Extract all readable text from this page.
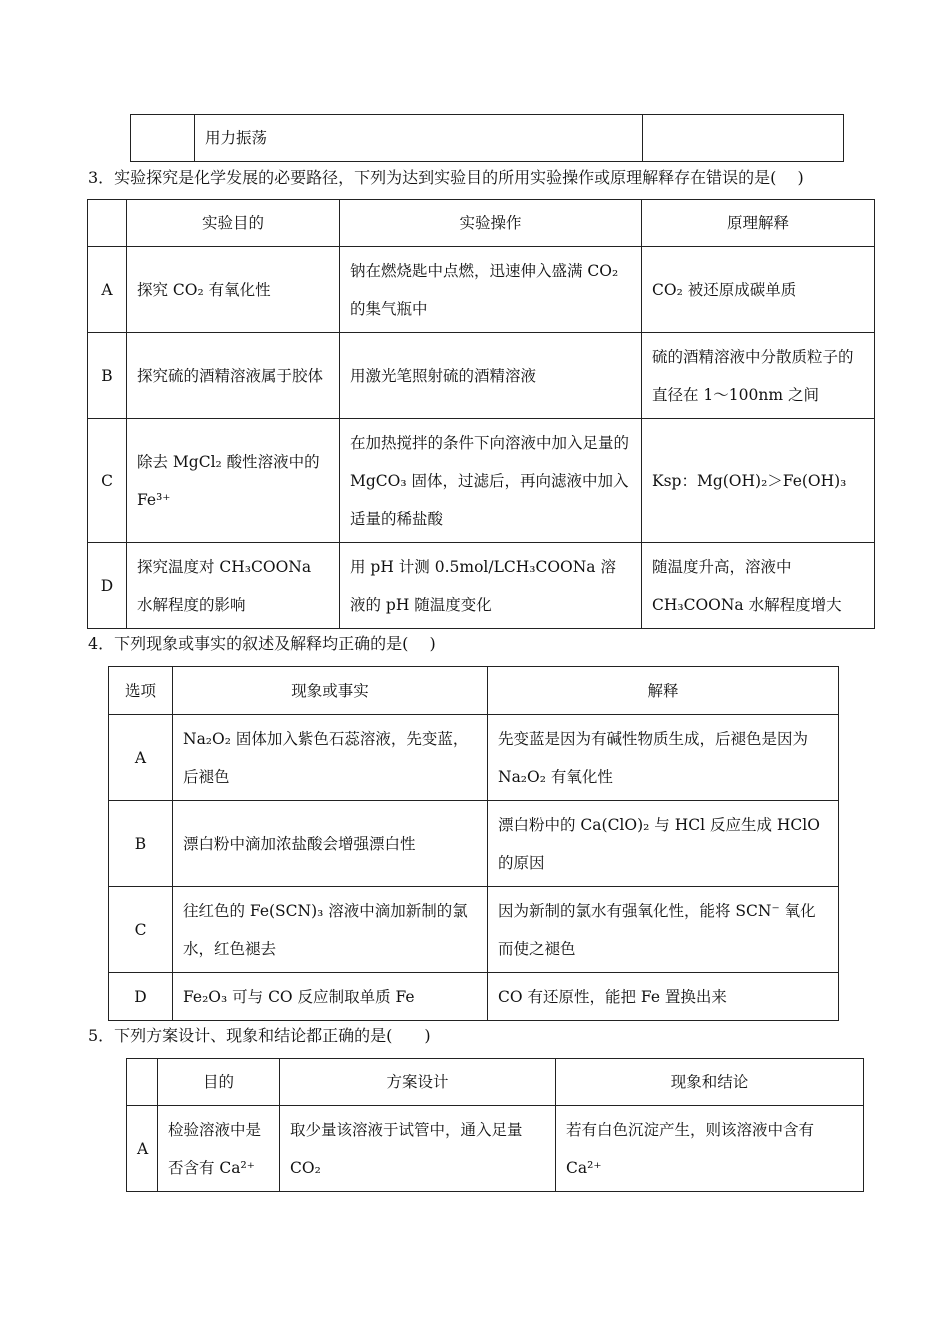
	用力振荡	
3．实验探究是化学发展的必要路径，下列为达到实验目的所用实验操作或原理解释存在错误的是(　 )
	实验目的	实验操作	原理解释
A	探究 CO₂ 有氧化性	钠在燃烧匙中点燃，迅速伸入盛满 CO₂ 的集气瓶中	CO₂ 被还原成碳单质
B	探究硫的酒精溶液属于胶体	用激光笔照射硫的酒精溶液	硫的酒精溶液中分散质粒子的直径在 1～100nm 之间
C	除去 MgCl₂ 酸性溶液中的 Fe³⁺	在加热搅拌的条件下向溶液中加入足量的 MgCO₃ 固体，过滤后，再向滤液中加入适量的稀盐酸	Ksp：Mg(OH)₂＞Fe(OH)₃
D	探究温度对 CH₃COONa 水解程度的影响	用 pH 计测 0.5mol/LCH₃COONa 溶液的 pH 随温度变化	随温度升高，溶液中 CH₃COONa 水解程度增大
4．下列现象或事实的叙述及解释均正确的是(　 )
选项	现象或事实	解释
A	Na₂O₂ 固体加入紫色石蕊溶液，先变蓝，后褪色	先变蓝是因为有碱性物质生成，后褪色是因为 Na₂O₂ 有氧化性
B	漂白粉中滴加浓盐酸会增强漂白性	漂白粉中的 Ca(ClO)₂ 与 HCl 反应生成 HClO 的原因
C	往红色的 Fe(SCN)₃ 溶液中滴加新制的氯水，红色褪去	因为新制的氯水有强氧化性，能将 SCN⁻ 氧化而使之褪色
D	Fe₂O₃ 可与 CO 反应制取单质 Fe	CO 有还原性，能把 Fe 置换出来
5．下列方案设计、现象和结论都正确的是(　　)
	目的	方案设计	现象和结论
A	检验溶液中是否含有 Ca²⁺	取少量该溶液于试管中，通入足量 CO₂	若有白色沉淀产生，则该溶液中含有 Ca²⁺
